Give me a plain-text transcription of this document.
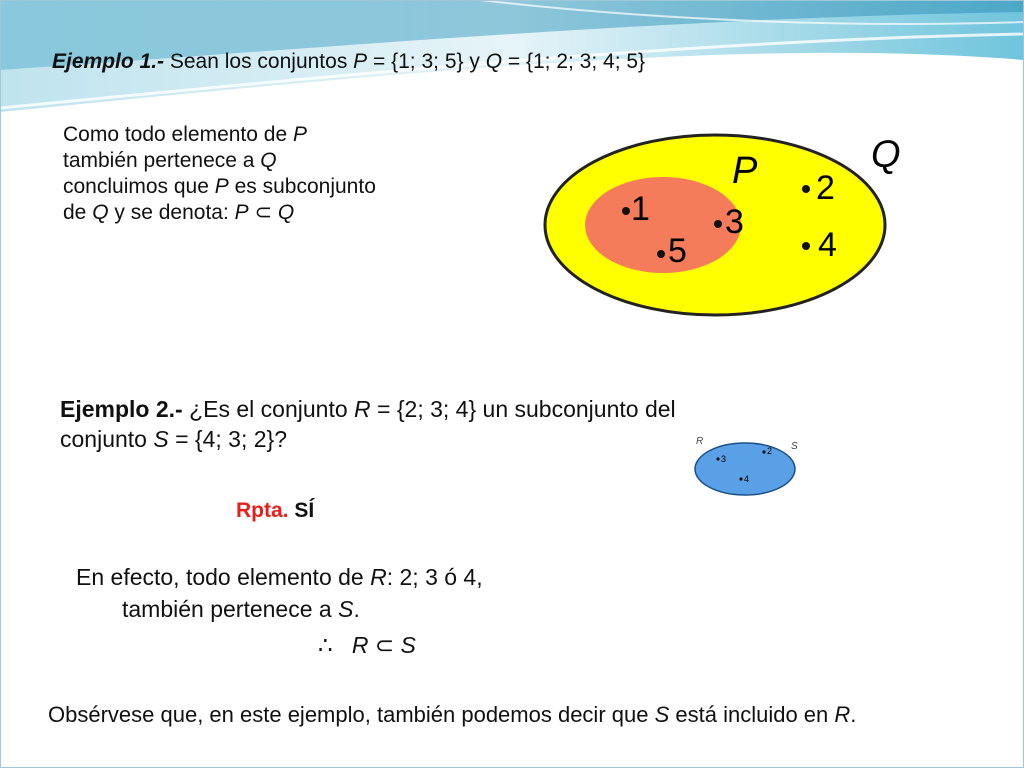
Ejemplo 1.- Sean los conjuntos P = {1; 3; 5} y Q = {1; 2; 3; 4; 5}
Como todo elemento de P
también pertenece a Q
concluimos que P es subconjunto
de Q y se denota: P ⊂ Q
Q
P
1 3
5
2
4
Ejemplo 2.- ¿Es el conjunto R = {2; 3; 4} un subconjunto del
conjunto S = {4; 3; 2}?	R	S
3
2
4
Rpta. SÍ
En efecto, todo elemento de R: 2; 3 ó 4,
también pertenece a S.
∴ R ⊂ S
Obsérvese que, en este ejemplo, también podemos decir que S está incluido en R.
